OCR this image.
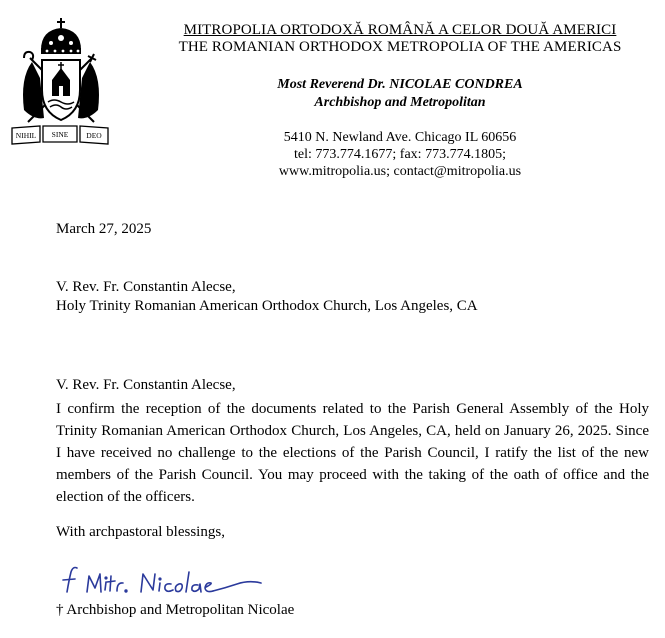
NIHIL SINE DEO
MITROPOLIA ORTODOXĂ ROMÂNĂ A CELOR DOUĂ AMERICI
THE ROMANIAN ORTHODOX METROPOLIA OF THE AMERICAS
Most Reverend Dr. NICOLAE CONDREA
Archbishop and Metropolitan
5410 N. Newland Ave. Chicago IL 60656
tel: 773.774.1677; fax: 773.774.1805;
www.mitropolia.us; contact@mitropolia.us
March 27, 2025
V. Rev. Fr. Constantin Alecse,
Holy Trinity Romanian American Orthodox Church, Los Angeles, CA
V. Rev. Fr. Constantin Alecse,
I confirm the reception of the documents related to the Parish General Assembly of the Holy Trinity Romanian American Orthodox Church, Los Angeles, CA, held on January 26, 2025. Since I have received no challenge to the elections of the Parish Council, I ratify the list of the new members of the Parish Council. You may proceed with the taking of the oath of office and the election of the officers.
With archpastoral blessings,
† Archbishop and Metropolitan Nicolae
